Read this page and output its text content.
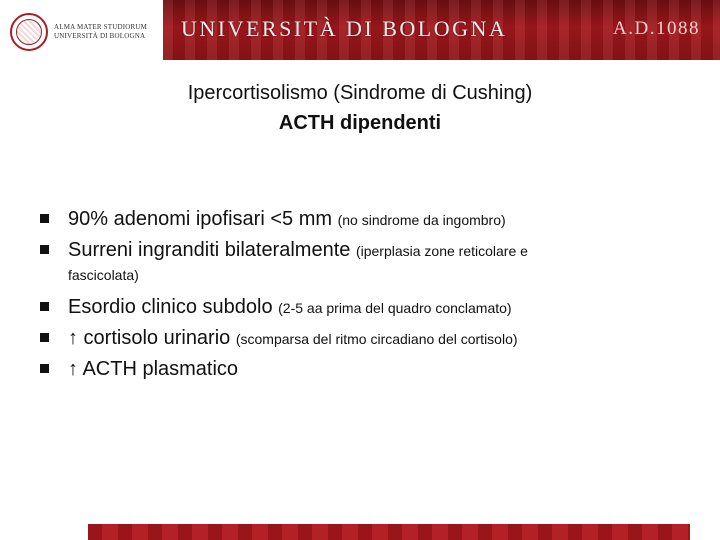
ALMA MATER STUDIORUM
UNIVERSITÀ DI BOLOGNA UNIVERSITÀ DI BOLOGNA	A.D.1088
Ipercortisolismo (Sindrome di Cushing)
ACTH dipendenti
90% adenomi ipofisari <5 mm (no sindrome da ingombro)
Surreni ingranditi bilateralmente (iperplasia zone reticolare e
fascicolata)
Esordio clinico subdolo (2-5 aa prima del quadro conclamato)
↑ cortisolo urinario (scomparsa del ritmo circadiano del cortisolo)
↑ ACTH plasmatico
